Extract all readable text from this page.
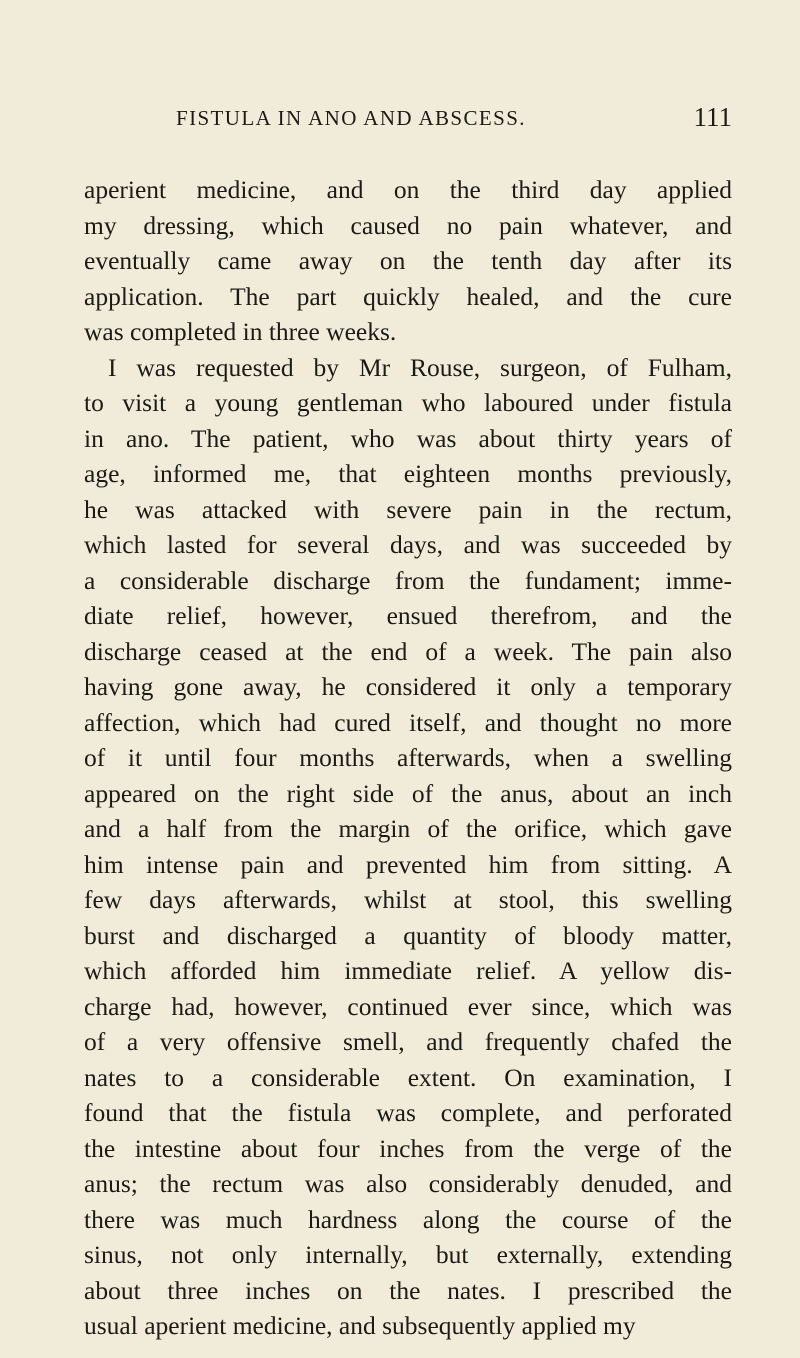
FISTULA IN ANO AND ABSCESS.	111
aperient medicine, and on the third day applied
my dressing, which caused no pain whatever, and
eventually came away on the tenth day after its
application. The part quickly healed, and the cure
was completed in three weeks.
I was requested by Mr Rouse, surgeon, of Fulham,
to visit a young gentleman who laboured under fistula
in ano. The patient, who was about thirty years of
age, informed me, that eighteen months previously,
he was attacked with severe pain in the rectum,
which lasted for several days, and was succeeded by
a considerable discharge from the fundament; imme-
diate relief, however, ensued therefrom, and the
discharge ceased at the end of a week. The pain also
having gone away, he considered it only a temporary
affection, which had cured itself, and thought no more
of it until four months afterwards, when a swelling
appeared on the right side of the anus, about an inch
and a half from the margin of the orifice, which gave
him intense pain and prevented him from sitting. A
few days afterwards, whilst at stool, this swelling
burst and discharged a quantity of bloody matter,
which afforded him immediate relief. A yellow dis-
charge had, however, continued ever since, which was
of a very offensive smell, and frequently chafed the
nates to a considerable extent. On examination, I
found that the fistula was complete, and perforated
the intestine about four inches from the verge of the
anus; the rectum was also considerably denuded, and
there was much hardness along the course of the
sinus, not only internally, but externally, extending
about three inches on the nates. I prescribed the
usual aperient medicine, and subsequently applied my
